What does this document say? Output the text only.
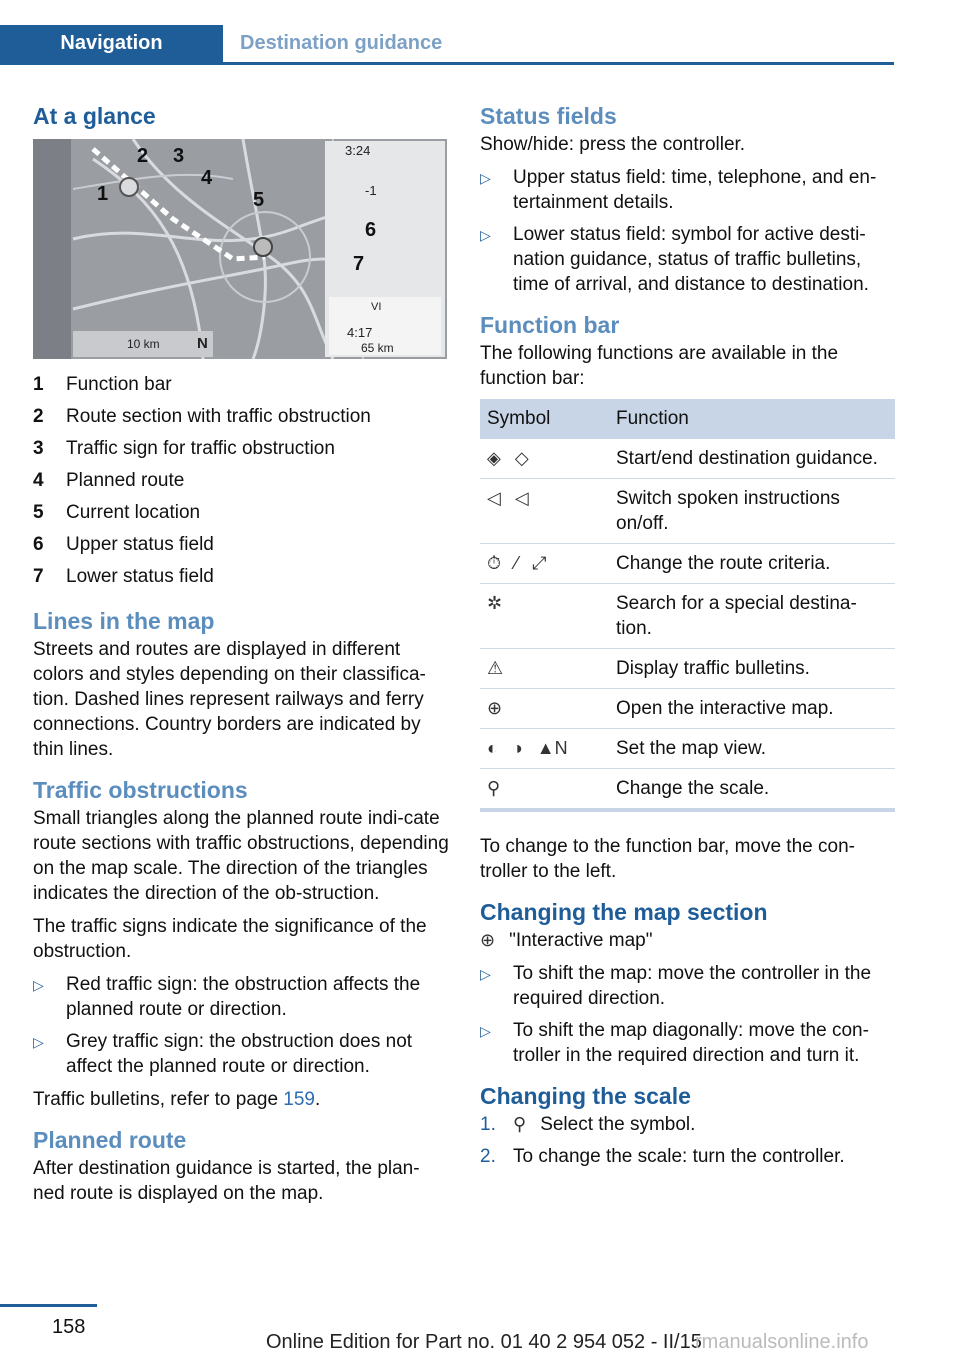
Navigation	Destination guidance
At a glance
3:24
-1
VI
4:17
65 km
10 km N
1
2 3
4
5
6
7
1	Function bar
2	Route section with traffic obstruction
3	Traffic sign for traffic obstruction
4	Planned route
5	Current location
6	Upper status field
7	Lower status field
Lines in the map

Streets and routes are displayed in different colors and styles depending on their classifica‐tion. Dashed lines represent railways and ferry connections. Country borders are indicated by thin lines.

Traffic obstructions

Small triangles along the planned route indi‐cate route sections with traffic obstructions, depending on the map scale. The direction of the triangles indicates the direction of the ob‐struction.

The traffic signs indicate the significance of the obstruction.

▷	Red traffic sign: the obstruction affects the planned route or direction.
▷	Grey traffic sign: the obstruction does not affect the planned route or direction.

Traffic bulletins, refer to page 159.

Planned route

After destination guidance is started, the plan‐ned route is displayed on the map.

Status fields

Show/hide: press the controller.

▷	Upper status field: time, telephone, and en‐tertainment details.
▷	Lower status field: symbol for active desti‐nation guidance, status of traffic bulletins, time of arrival, and distance to destination.
Function bar

The following functions are available in the function bar:

Symbol	Function
◈ ◇	Start/end destination guidance.
◁ ◁	Switch spoken instructions on/off.
⏱ ⁄ ⤢	Change the route criteria.
✲	Search for a special destina‐tion.
⚠	Display traffic bulletins.
⊕	Open the interactive map.
◐ ◑ ▲N	Set the map view.
⚲	Change the scale.

To change to the function bar, move the con‐troller to the left.

Changing the map section

⊕ "Interactive map"

▷	To shift the map: move the controller in the required direction.
▷	To shift the map diagonally: move the con‐troller in the required direction and turn it.
Changing the scale
1. ⚲ Select the symbol.
2. To change the scale: turn the controller.
158
Online Edition for Part no. 01 40 2 954 052 - II/15
rmanualsonline.info
